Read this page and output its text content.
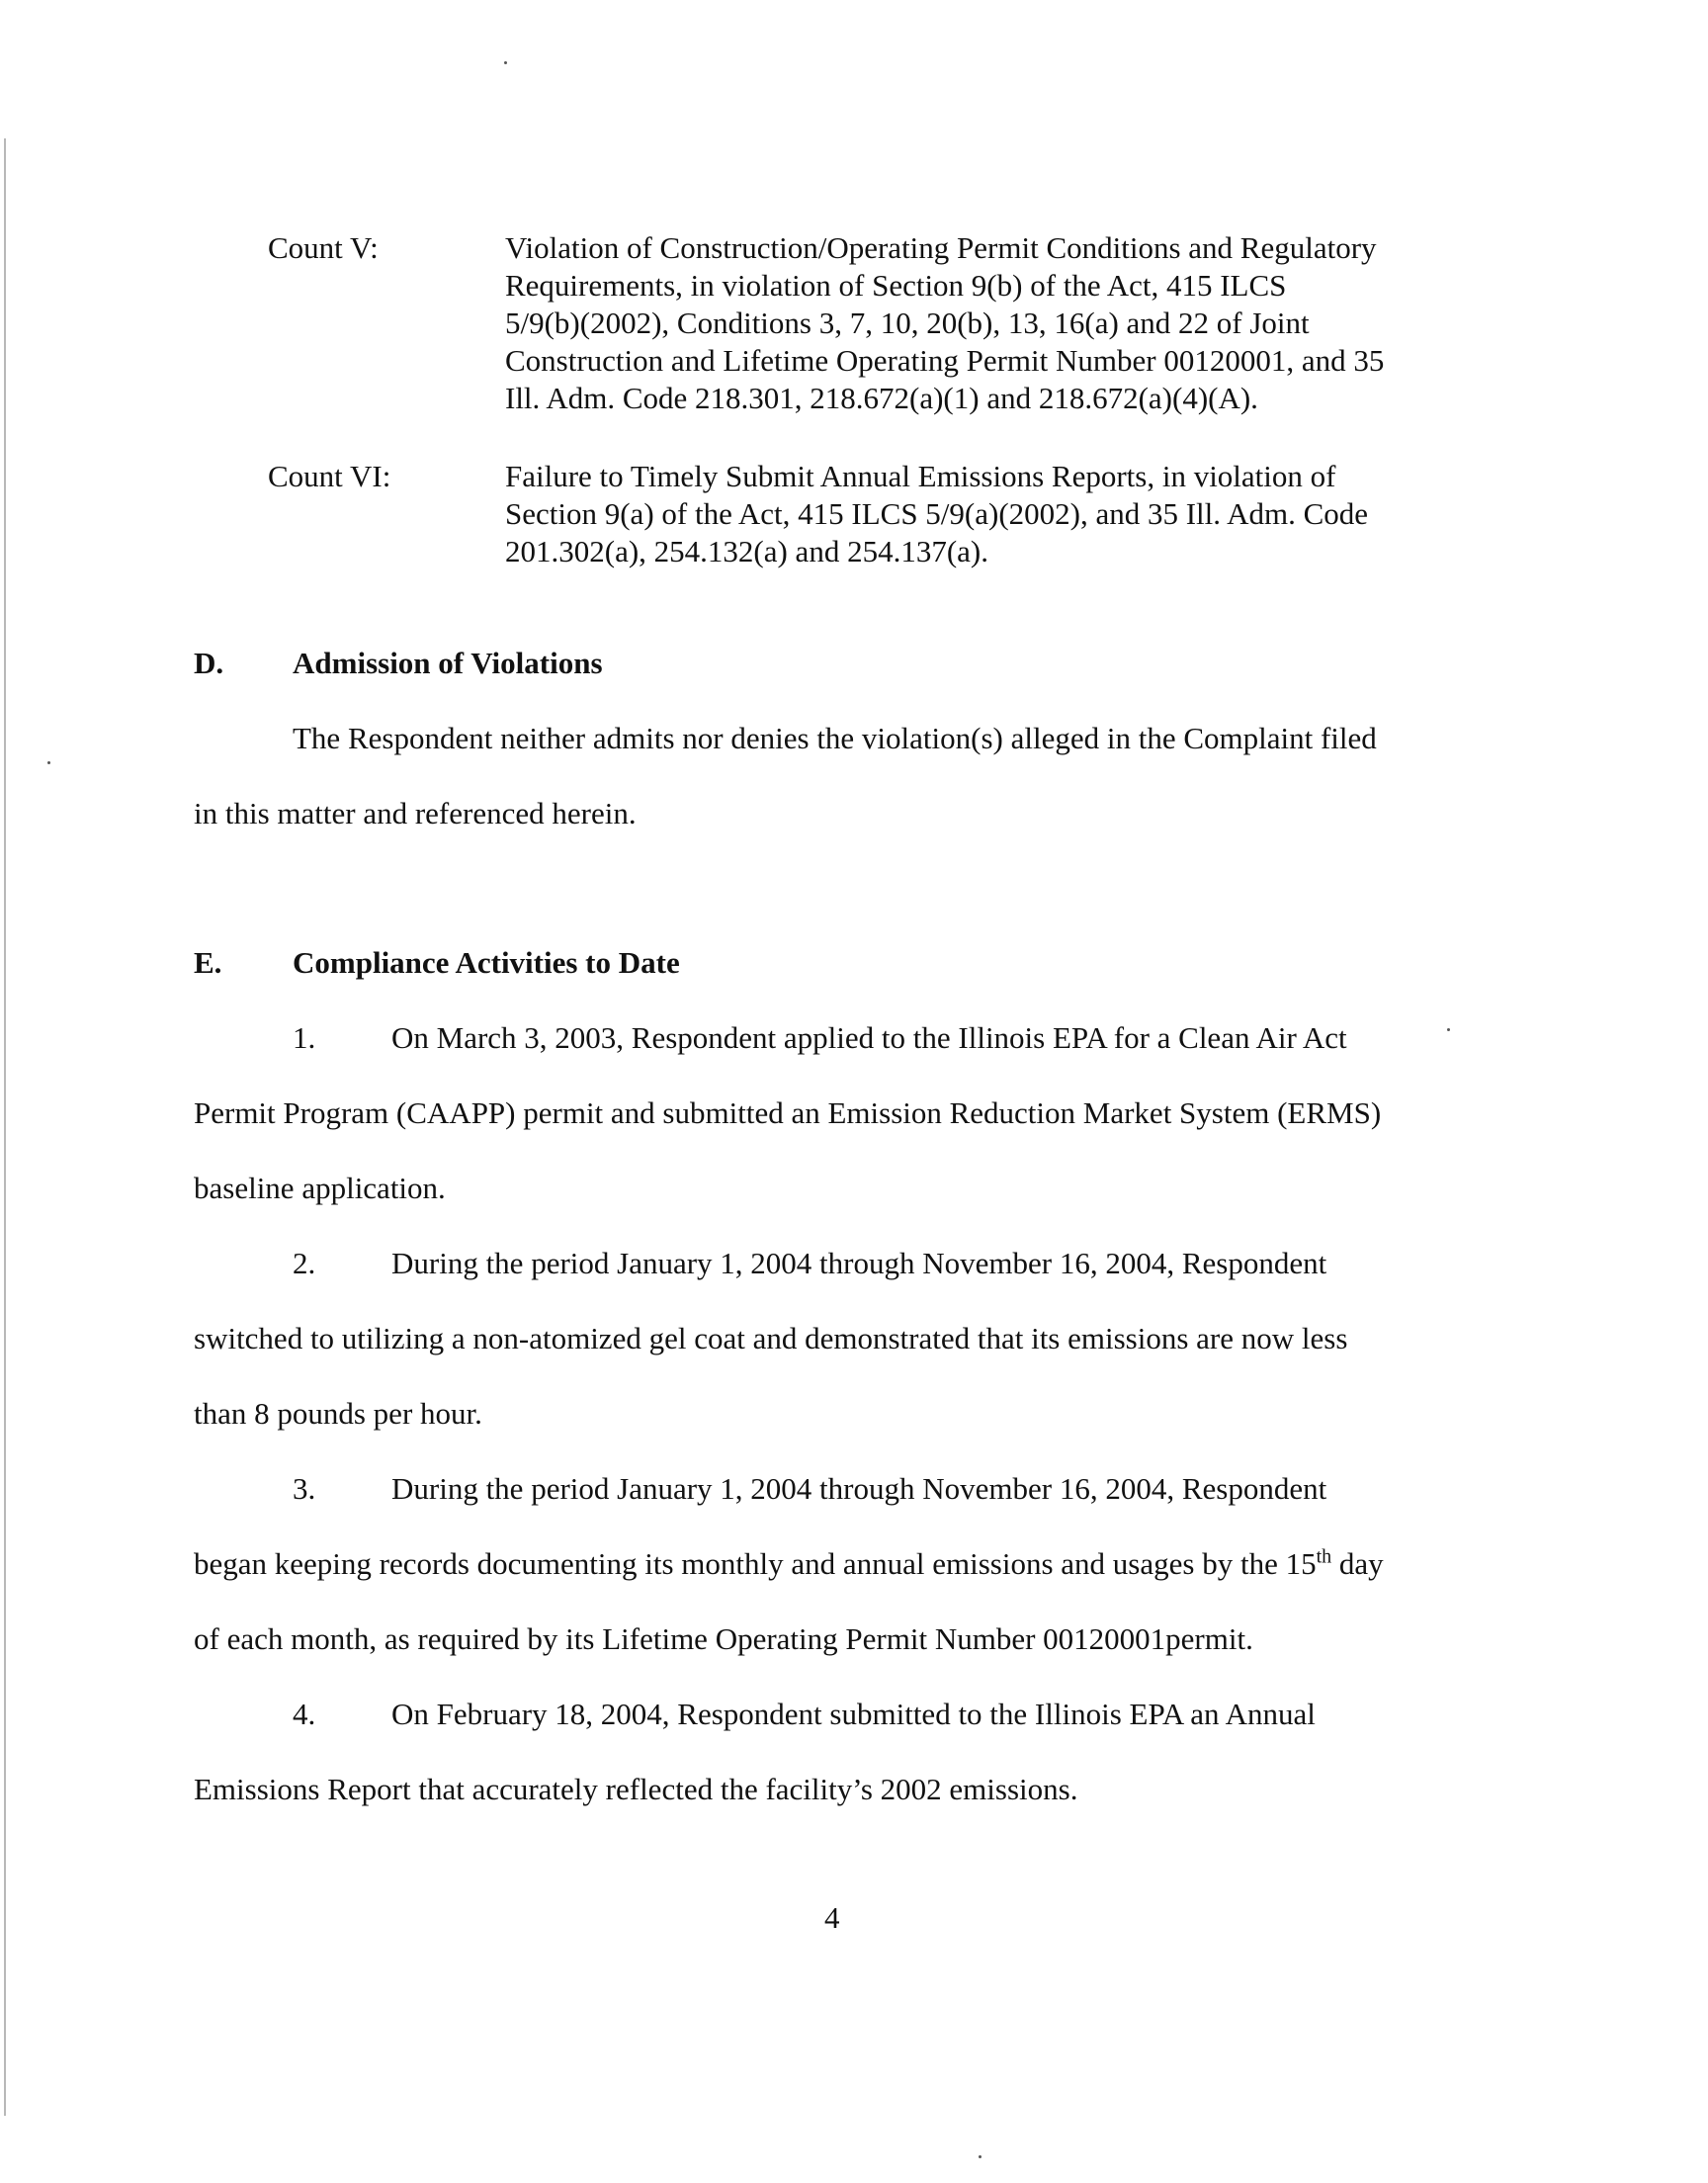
Count V:	Violation of Construction/Operating Permit Conditions and Regulatory
Requirements, in violation of Section 9(b) of the Act, 415 ILCS
5/9(b)(2002), Conditions 3, 7, 10, 20(b), 13, 16(a) and 22 of Joint
Construction and Lifetime Operating Permit Number 00120001, and 35
Ill. Adm. Code 218.301, 218.672(a)(1) and 218.672(a)(4)(A).
Count VI:	Failure to Timely Submit Annual Emissions Reports, in violation of
Section 9(a) of the Act, 415 ILCS 5/9(a)(2002), and 35 Ill. Adm. Code
201.302(a), 254.132(a) and 254.137(a).
D. Admission of Violations
The Respondent neither admits nor denies the violation(s) alleged in the Complaint filed
in this matter and referenced herein.
E. Compliance Activities to Date
1. On March 3, 2003, Respondent applied to the Illinois EPA for a Clean Air Act
Permit Program (CAAPP) permit and submitted an Emission Reduction Market System (ERMS)
baseline application.
2. During the period January 1, 2004 through November 16, 2004, Respondent
switched to utilizing a non-atomized gel coat and demonstrated that its emissions are now less
than 8 pounds per hour.
3. During the period January 1, 2004 through November 16, 2004, Respondent
began keeping records documenting its monthly and annual emissions and usages by the 15th day
of each month, as required by its Lifetime Operating Permit Number 00120001permit.
4. On February 18, 2004, Respondent submitted to the Illinois EPA an Annual
Emissions Report that accurately reflected the facility’s 2002 emissions.
4
